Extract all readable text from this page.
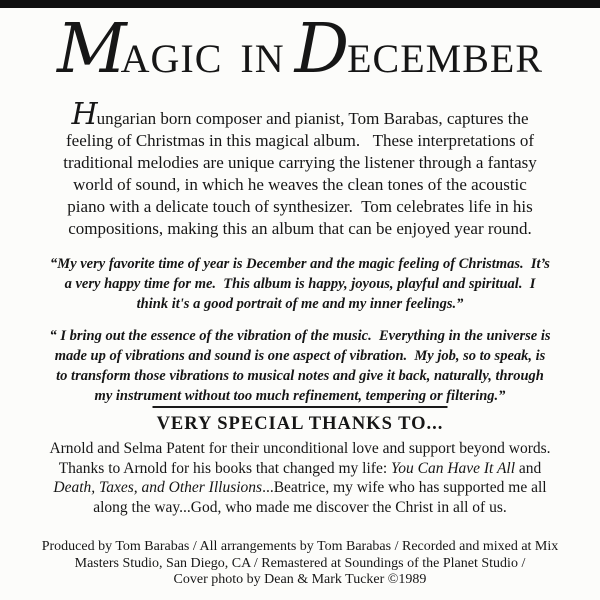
MAGIC IN DECEMBER
Hungarian born composer and pianist, Tom Barabas, captures the
feeling of Christmas in this magical album.   These interpretations of
traditional melodies are unique carrying the listener through a fantasy
world of sound, in which he weaves the clean tones of the acoustic
piano with a delicate touch of synthesizer.  Tom celebrates life in his
compositions, making this an album that can be enjoyed year round.
“My very favorite time of year is December and the magic feeling of Christmas.  It’s
a very happy time for me.  This album is happy, joyous, playful and spiritual.  I
think it's a good portrait of me and my inner feelings.”
“ I bring out the essence of the vibration of the music.  Everything in the universe is
made up of vibrations and sound is one aspect of vibration.  My job, so to speak, is
to transform those vibrations to musical notes and give it back, naturally, through
my instrument without too much refinement, tempering or filtering.”
VERY SPECIAL THANKS TO...
Arnold and Selma Patent for their unconditional love and support beyond words.
Thanks to Arnold for his books that changed my life: You Can Have It All and
Death, Taxes, and Other Illusions...Beatrice, my wife who has supported me all
along the way...God, who made me discover the Christ in all of us.
Produced by Tom Barabas / All arrangements by Tom Barabas / Recorded and mixed at Mix
Masters Studio, San Diego, CA / Remastered at Soundings of the Planet Studio /
Cover photo by Dean & Mark Tucker ©1989
